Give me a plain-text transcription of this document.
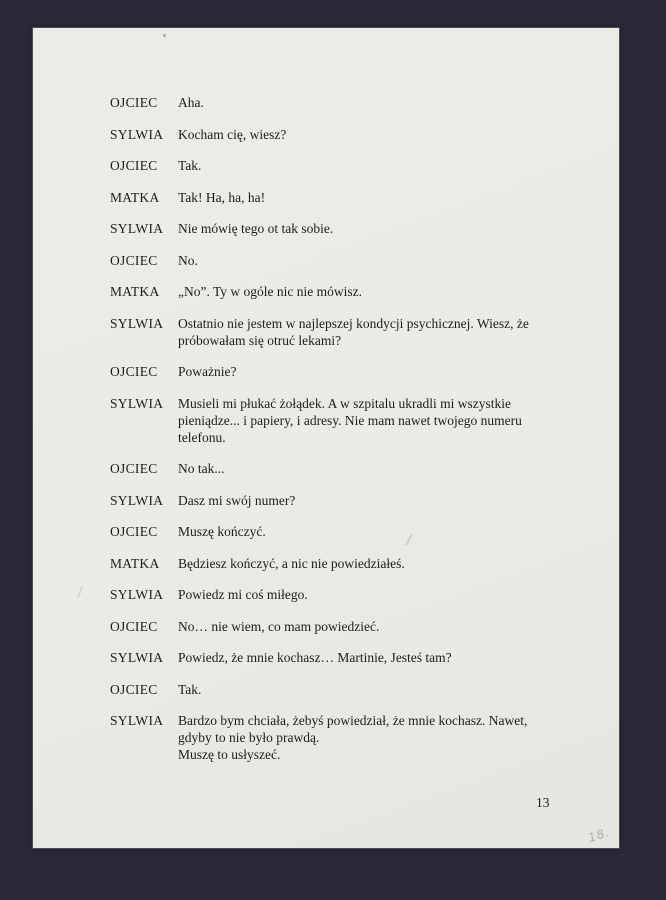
OJCIEC	Aha.
SYLWIA	Kocham cię, wiesz?
OJCIEC	Tak.
MATKA	Tak! Ha, ha, ha!
SYLWIA	Nie mówię tego ot tak sobie.
OJCIEC	No.
MATKA	„No”. Ty w ogóle nic nie mówisz.
SYLWIA	Ostatnio nie jestem w najlepszej kondycji psychicznej. Wiesz, że
próbowałam się otruć lekami?
OJCIEC	Poważnie?
SYLWIA	Musieli mi płukać żołądek. A w szpitalu ukradli mi wszystkie
pieniądze... i papiery, i adresy. Nie mam nawet twojego numeru
telefonu.
OJCIEC	No tak...
SYLWIA	Dasz mi swój numer?
OJCIEC	Muszę kończyć.
MATKA	Będziesz kończyć, a nic nie powiedziałeś.
SYLWIA	Powiedz mi coś miłego.
OJCIEC	No… nie wiem, co mam powiedzieć.
SYLWIA	Powiedz, że mnie kochasz… Martinie, Jesteś tam?
OJCIEC	Tak.
SYLWIA	Bardzo bym chciała, żebyś powiedział, że mnie kochasz. Nawet,
gdyby to nie było prawdą.
Muszę to usłyszeć.
13
18.
